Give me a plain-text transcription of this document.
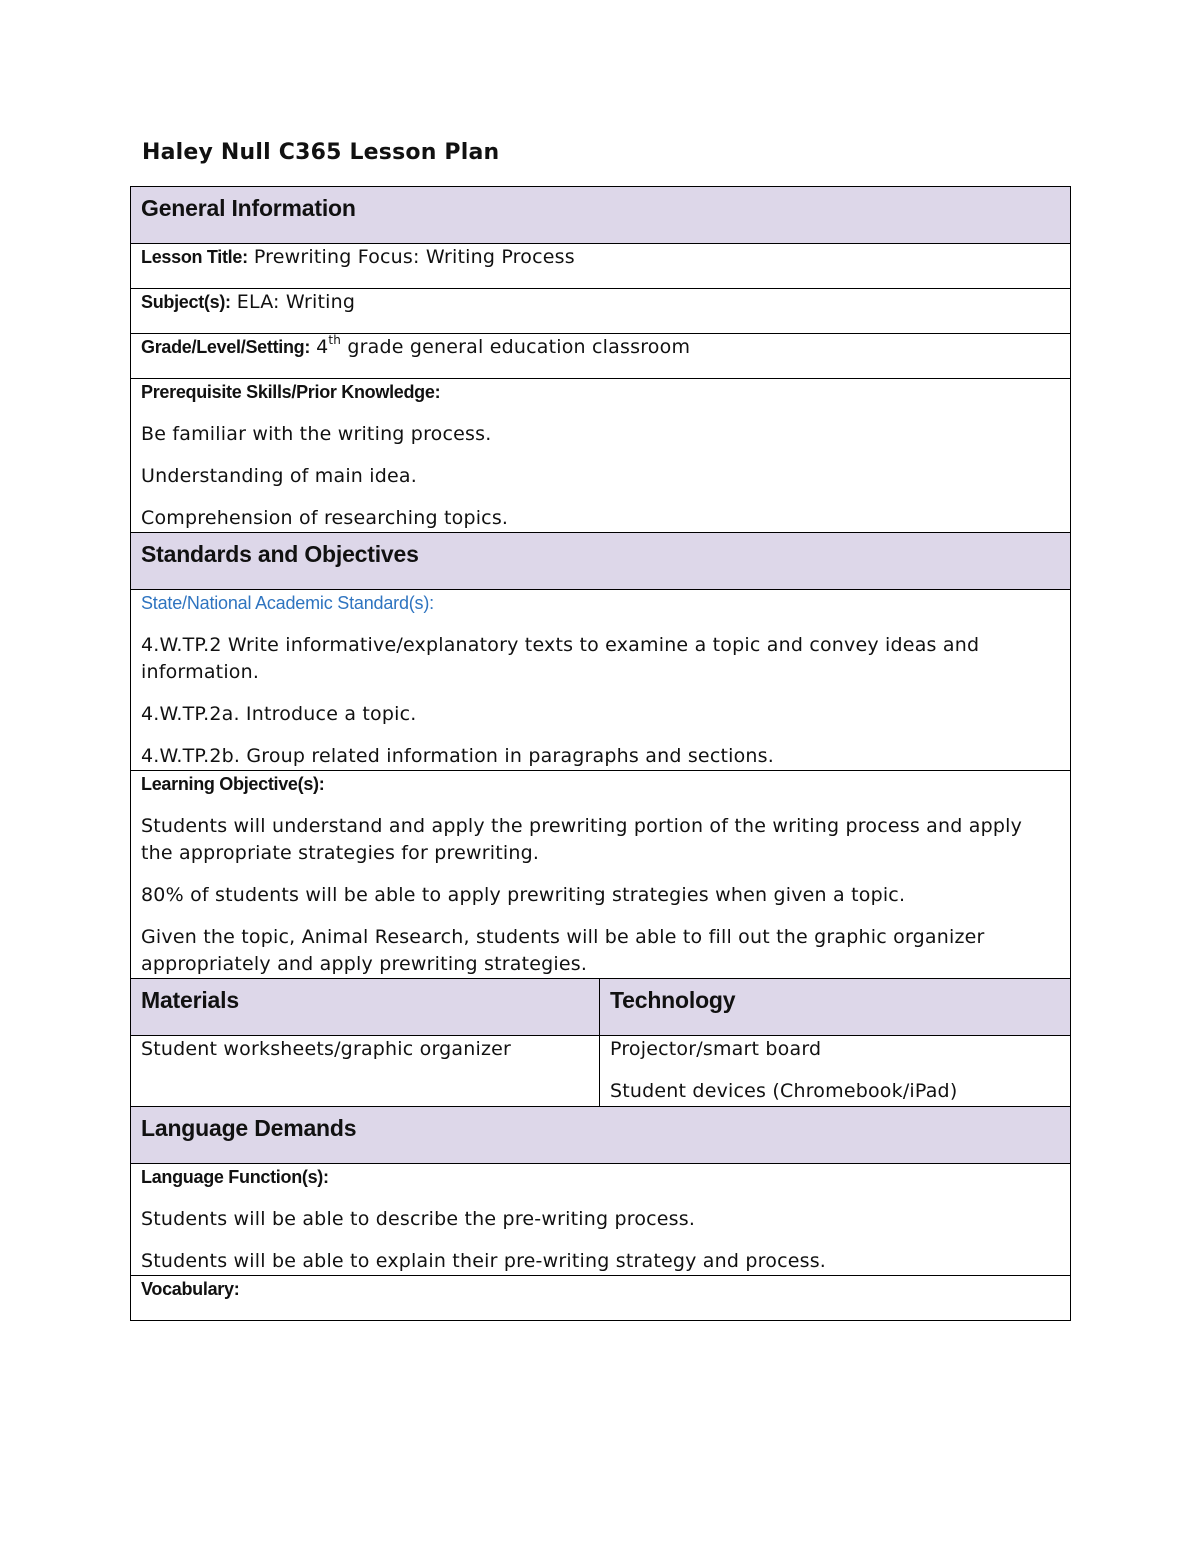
Haley Null C365 Lesson Plan
General Information	

Lesson Title: Prewriting Focus: Writing Process	
Subject(s): ELA: Writing	
Grade/Level/Setting: 4th grade general education classroom	

Prerequisite Skills/Prior Knowledge:

Be familiar with the writing process.

Understanding of main idea.

Comprehension of researching topics.	

Standards and Objectives	

State/National Academic Standard(s):

4.W.TP.2 Write informative/explanatory texts to examine a topic and convey ideas and information.

4.W.TP.2a. Introduce a topic.

4.W.TP.2b. Group related information in paragraphs and sections.	

Learning Objective(s):

Students will understand and apply the prewriting portion of the writing process and apply the appropriate strategies for prewriting.

80% of students will be able to apply prewriting strategies when given a topic.

Given the topic, Animal Research, students will be able to fill out the graphic organizer appropriately and apply prewriting strategies.	

Materials	Technology

Student worksheets/graphic organizer	Projector/smart board

Student devices (Chromebook/iPad)

Language Demands	

Language Function(s):

Students will be able to describe the pre-writing process.

Students will be able to explain their pre-writing strategy and process.	

Vocabulary:	
